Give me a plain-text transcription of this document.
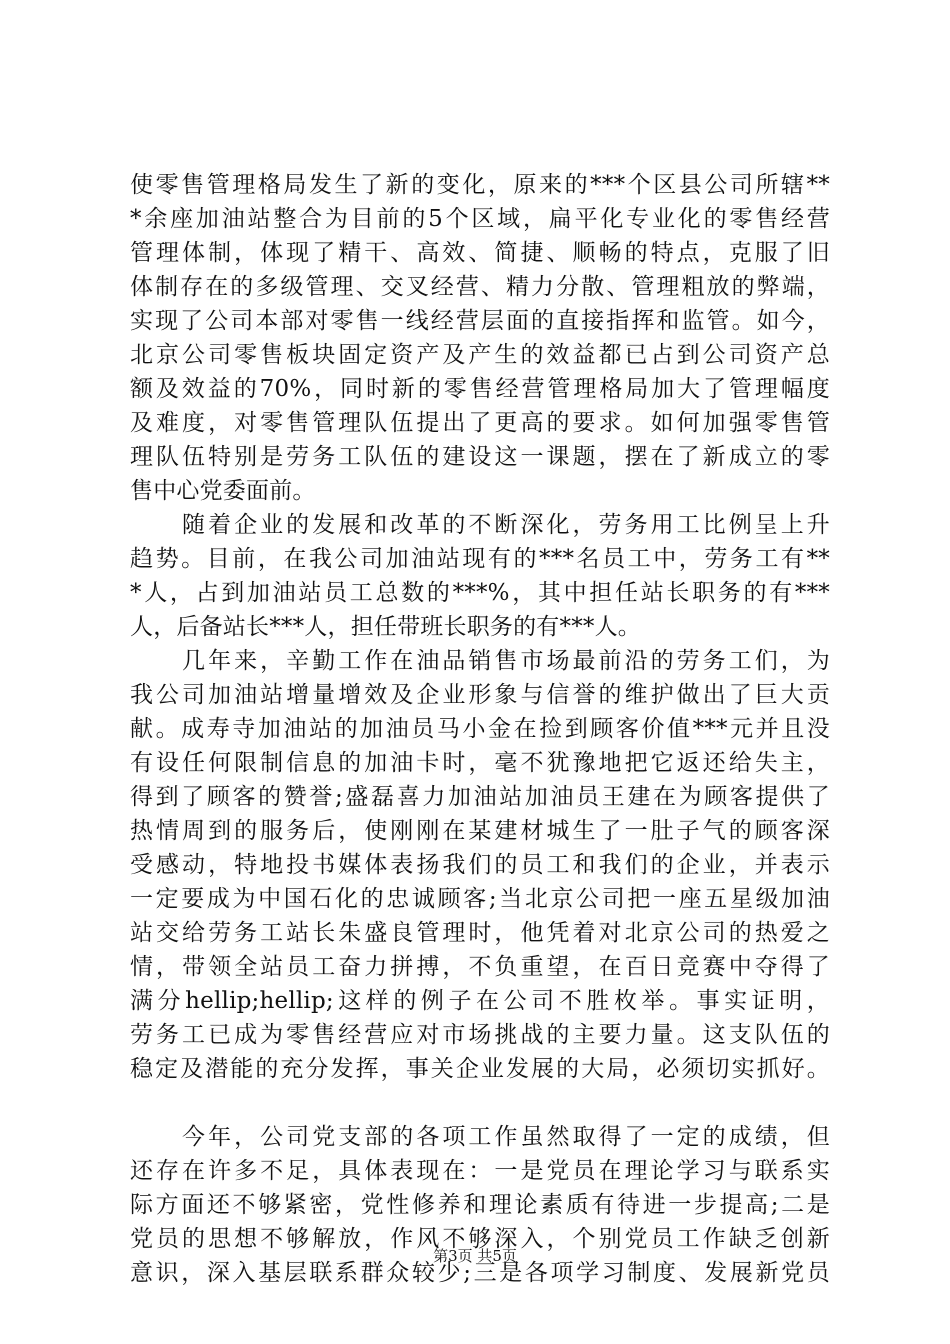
使零售管理格局发生了新的变化，原来的***个区县公司所辖**
*余座加油站整合为目前的5个区域，扁平化专业化的零售经营
管理体制，体现了精干、高效、简捷、顺畅的特点，克服了旧
体制存在的多级管理、交叉经营、精力分散、管理粗放的弊端，
实现了公司本部对零售一线经营层面的直接指挥和监管。如今，
北京公司零售板块固定资产及产生的效益都已占到公司资产总
额及效益的70%，同时新的零售经营管理格局加大了管理幅度
及难度，对零售管理队伍提出了更高的要求。如何加强零售管
理队伍特别是劳务工队伍的建设这一课题，摆在了新成立的零
售中心党委面前。
　　随着企业的发展和改革的不断深化，劳务用工比例呈上升
趋势。目前，在我公司加油站现有的***名员工中，劳务工有**
*人，占到加油站员工总数的***%，其中担任站长职务的有***
人，后备站长***人，担任带班长职务的有***人。
　　几年来，辛勤工作在油品销售市场最前沿的劳务工们，为
我公司加油站增量增效及企业形象与信誉的维护做出了巨大贡
献。成寿寺加油站的加油员马小金在捡到顾客价值***元并且没
有设任何限制信息的加油卡时，毫不犹豫地把它返还给失主，
得到了顾客的赞誉;盛磊喜力加油站加油员王建在为顾客提供了
热情周到的服务后，使刚刚在某建材城生了一肚子气的顾客深
受感动，特地投书媒体表扬我们的员工和我们的企业，并表示
一定要成为中国石化的忠诚顾客;当北京公司把一座五星级加油
站交给劳务工站长朱盛良管理时，他凭着对北京公司的热爱之
情，带领全站员工奋力拼搏，不负重望，在百日竞赛中夺得了
满分hellip;hellip;这样的例子在公司不胜枚举。事实证明，
劳务工已成为零售经营应对市场挑战的主要力量。这支队伍的
稳定及潜能的充分发挥，事关企业发展的大局，必须切实抓好。
　　今年，公司党支部的各项工作虽然取得了一定的成绩，但
还存在许多不足，具体表现在：一是党员在理论学习与联系实
际方面还不够紧密，党性修养和理论素质有待进一步提高;二是
党员的思想不够解放，作风不够深入，个别党员工作缺乏创新
意识，深入基层联系群众较少;三是各项学习制度、发展新党员
第3页 共5页
